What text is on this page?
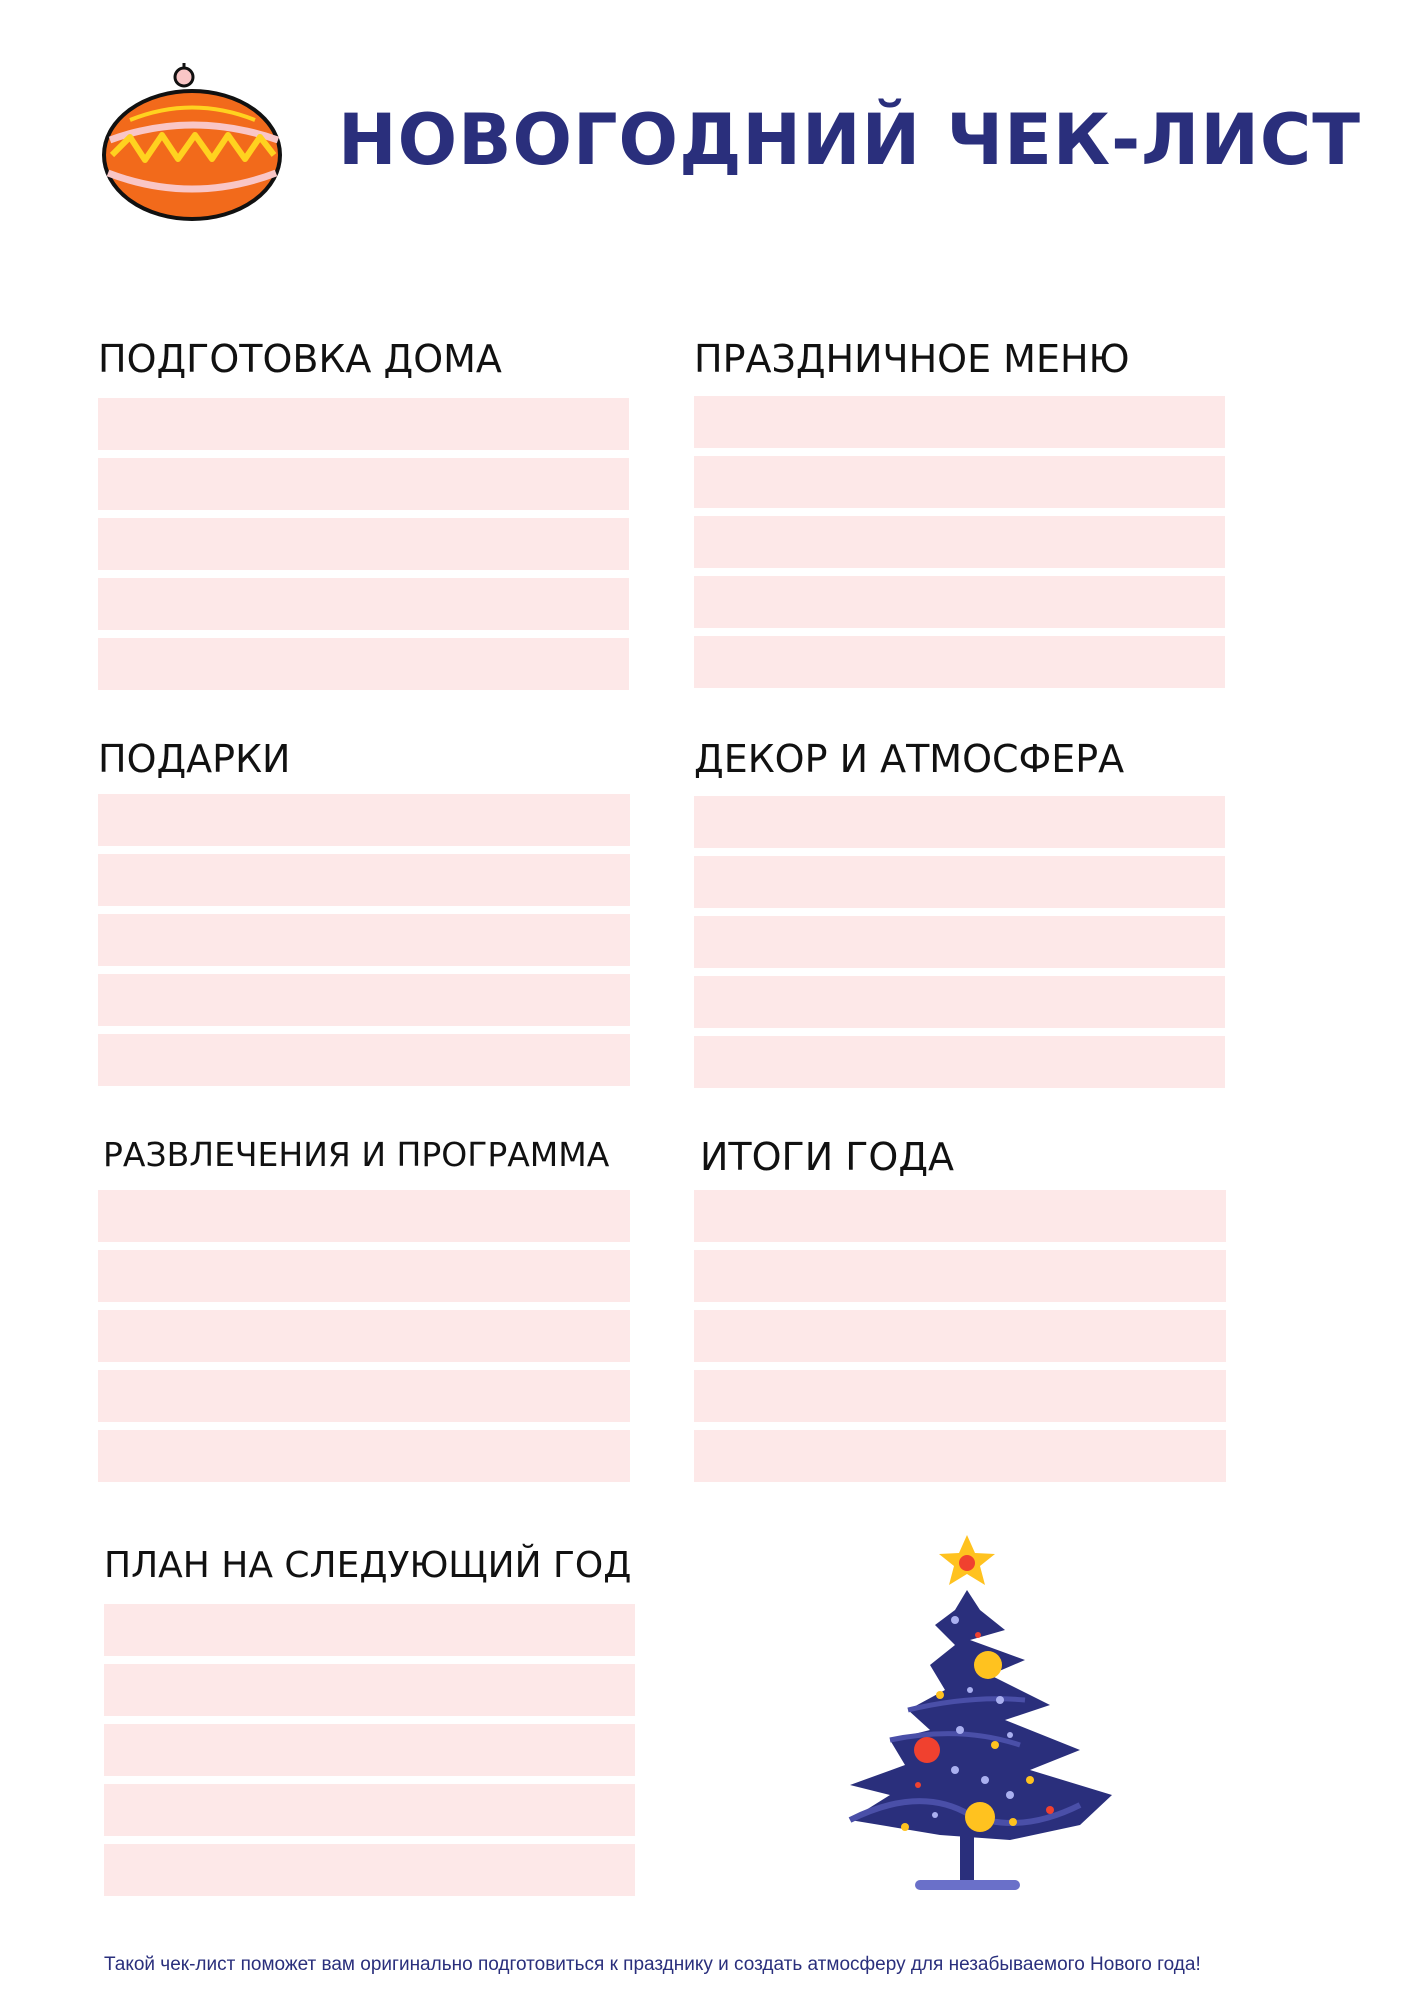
НОВОГОДНИЙ ЧЕК-ЛИСТ
ПОДГОТОВКА ДОМА	ПРАЗДНИЧНОЕ МЕНЮ
ПОДАРКИ	ДЕКОР И АТМОСФЕРА
РАЗВЛЕЧЕНИЯ И ПРОГРАММА ИТОГИ ГОДА
ПЛАН НА СЛЕДУЮЩИЙ ГОД
Такой чек-лист поможет вам оригинально подготовиться к празднику и создать атмосферу для незабываемого Нового года!
